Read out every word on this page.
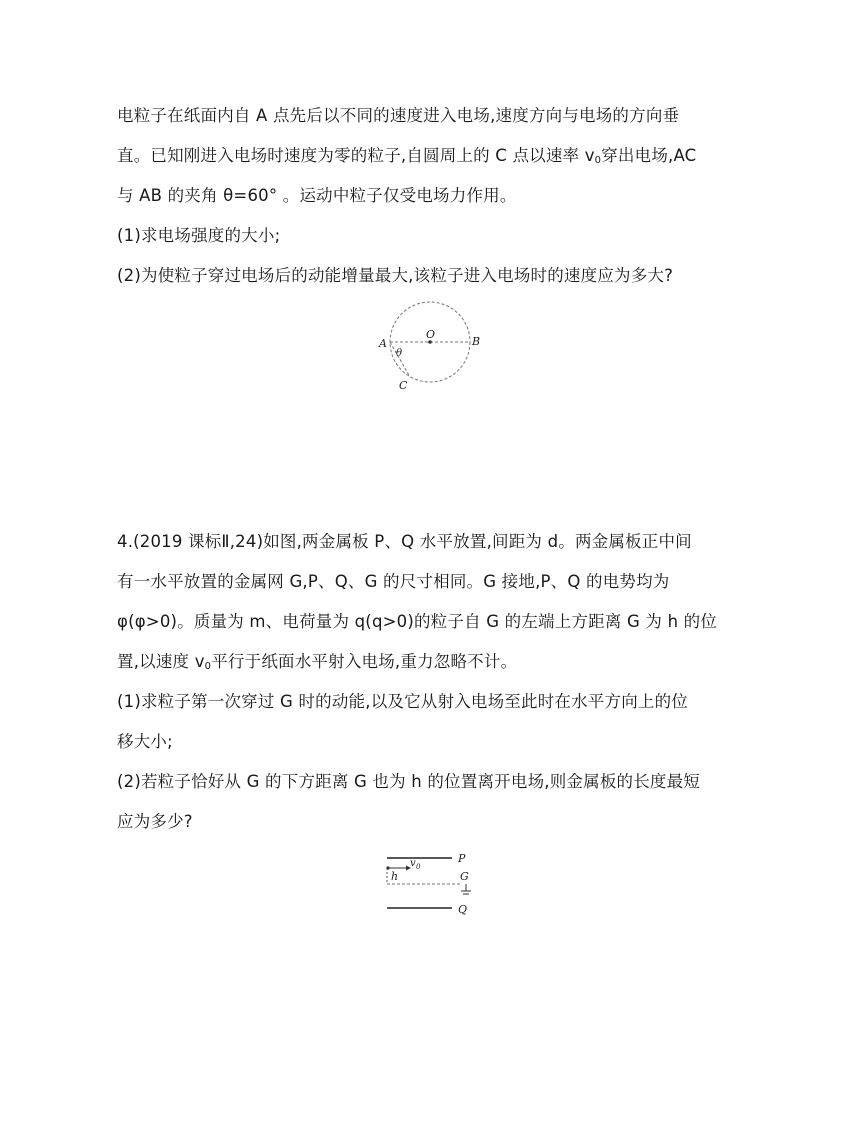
电粒子在纸面内自 A 点先后以不同的速度进入电场,速度方向与电场的方向垂
直。已知刚进入电场时速度为零的粒子,自圆周上的 C 点以速率 $v_0$穿出电场,AC
与 AB 的夹角 θ=60° 。运动中粒子仅受电场力作用。
(1)求电场强度的大小;
(2)为使粒子穿过电场后的动能增量最大,该粒子进入电场时的速度应为多大?
A
O
B
θ
C
4.(2019 课标Ⅱ,24)如图,两金属板 P、Q 水平放置,间距为 d。两金属板正中间
有一水平放置的金属网 G,P、Q、G 的尺寸相同。G 接地,P、Q 的电势均为
φ(φ>0)。质量为 m、电荷量为 q(q>0)的粒子自 G 的左端上方距离 G 为 h 的位
置,以速度 $v_0$平行于纸面水平射入电场,重力忽略不计。
(1)求粒子第一次穿过 G 时的动能,以及它从射入电场至此时在水平方向上的位
移大小;
(2)若粒子恰好从 G 的下方距离 G 也为 h 的位置离开电场,则金属板的长度最短
应为多少?
P
G
Q
h
v 0
